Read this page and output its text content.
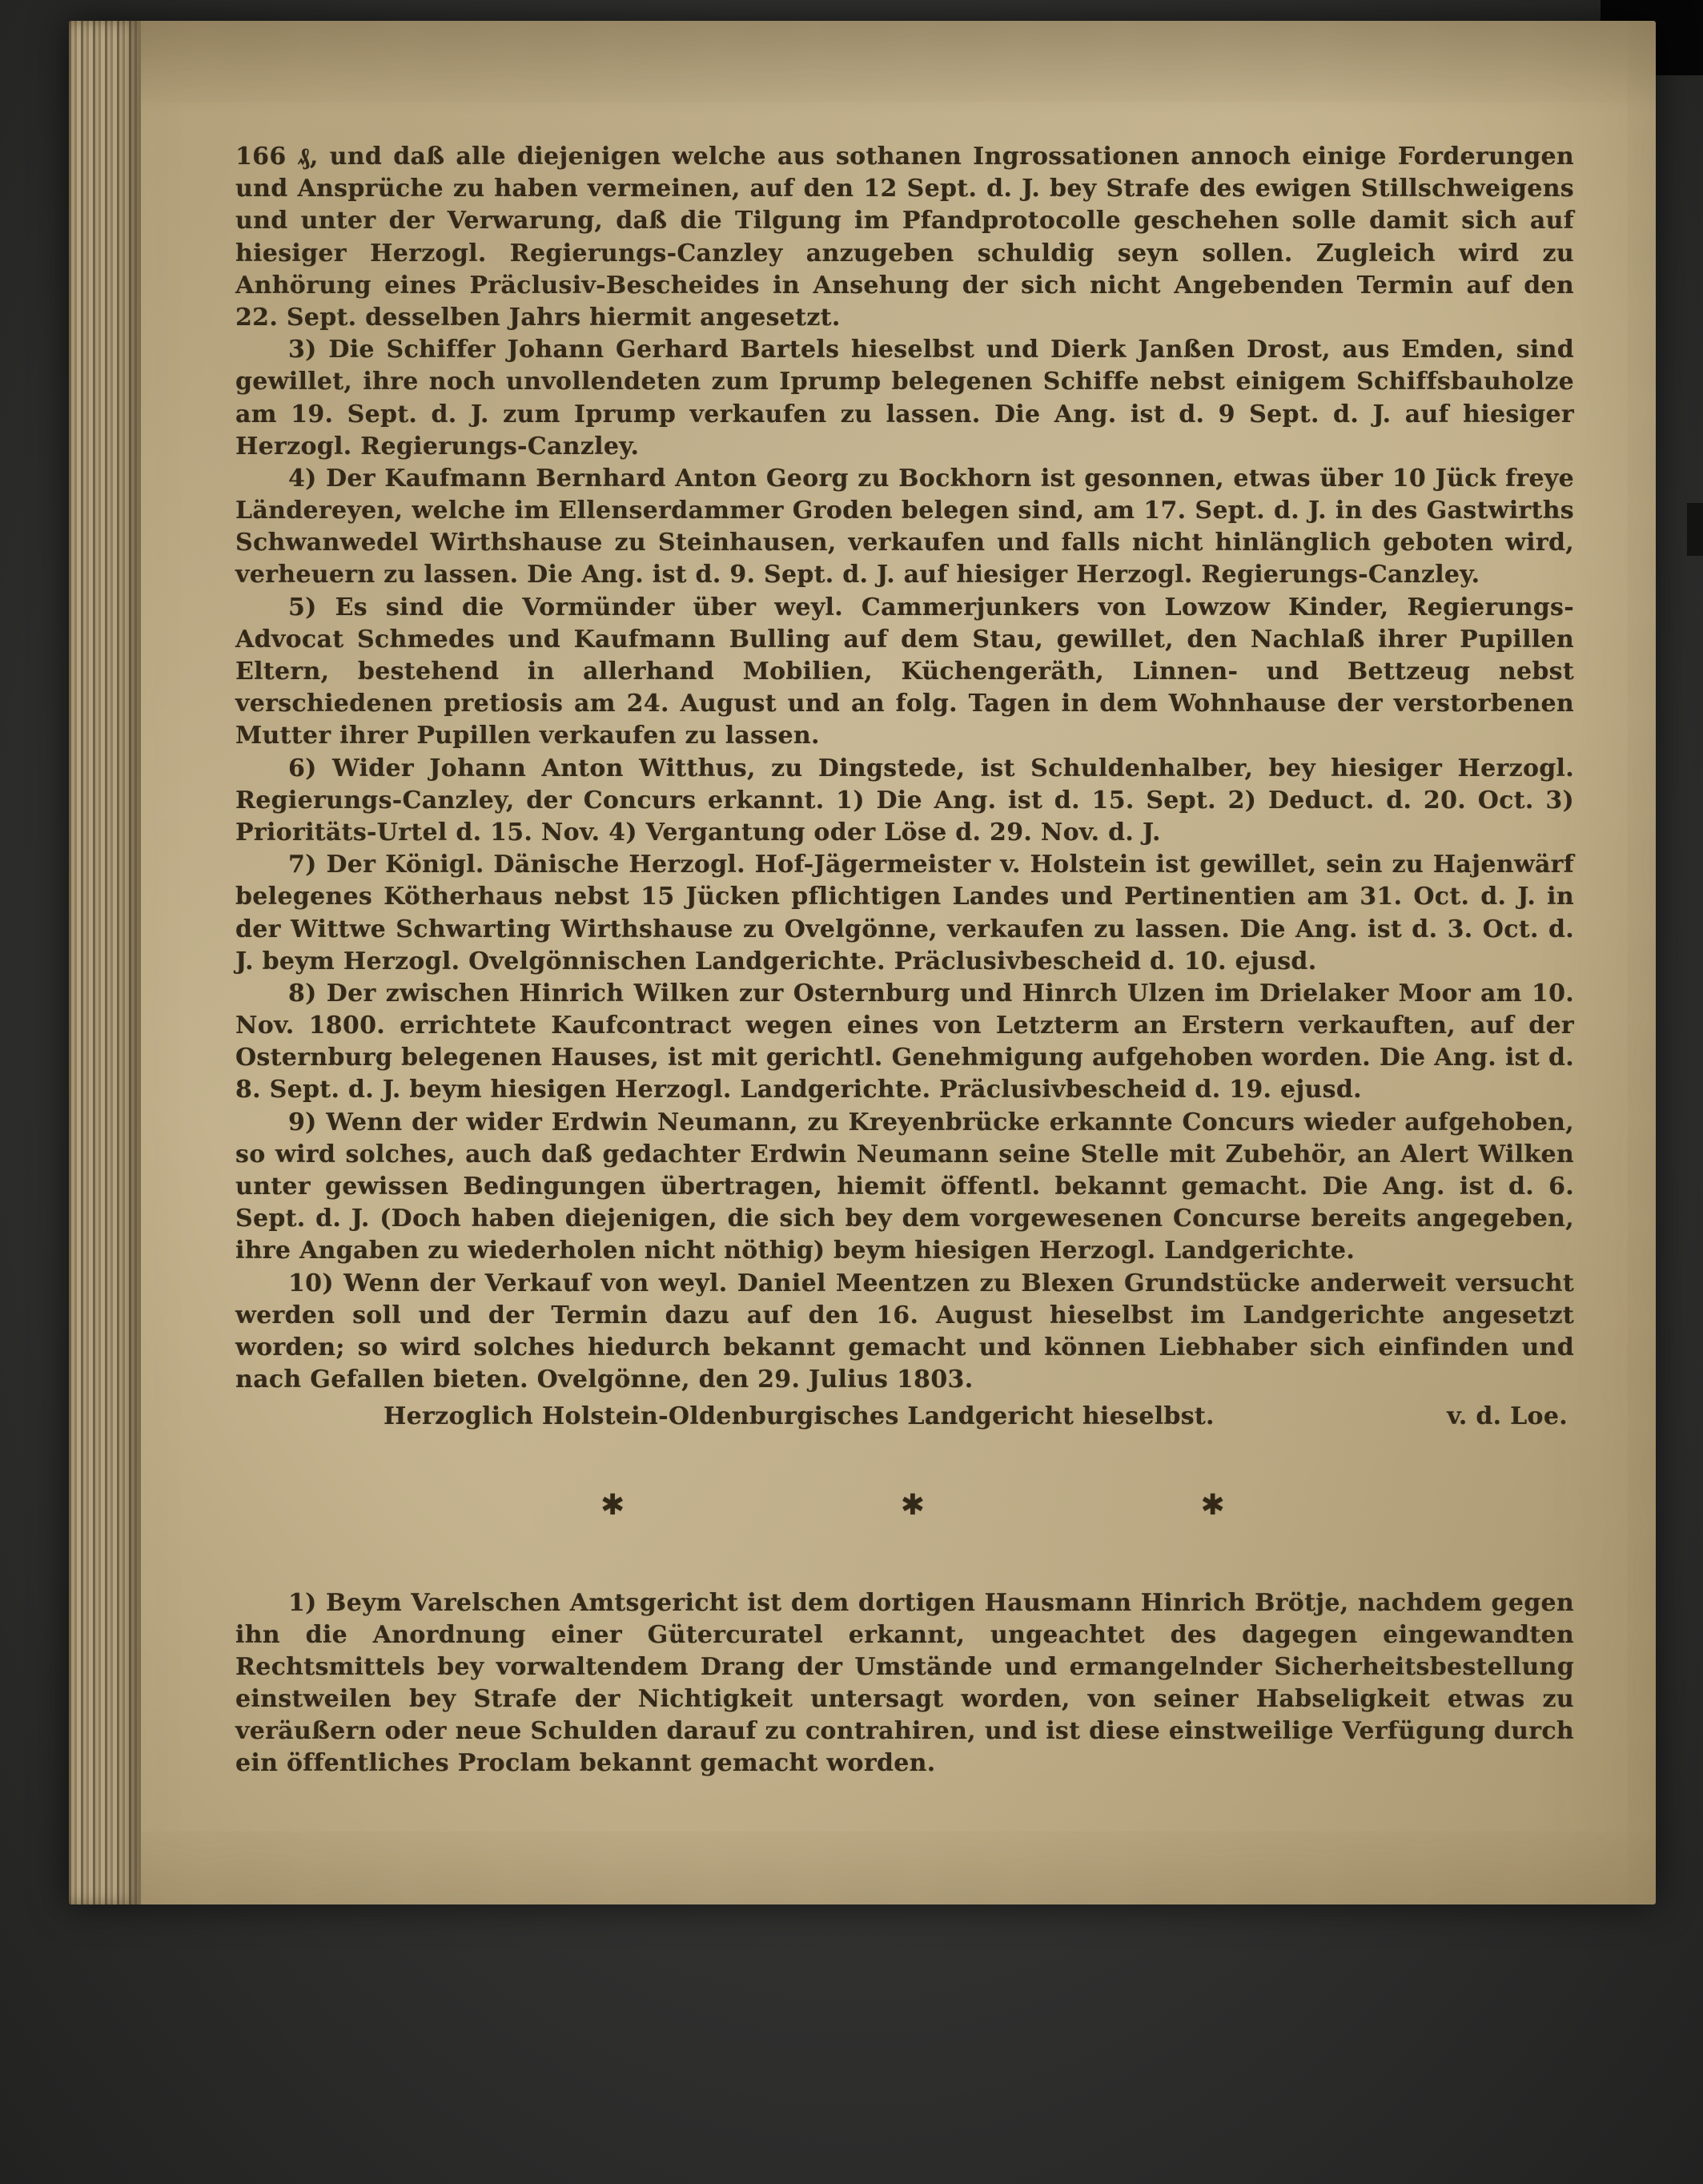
166 ₰, und daß alle diejenigen welche aus sothanen Ingrossationen annoch einige Forderungen und Ansprüche zu haben vermeinen, auf den 12 Sept. d. J. bey Strafe des ewigen Stillschweigens und unter der Verwarung, daß die Tilgung im Pfandprotocolle geschehen solle damit sich auf hiesiger Herzogl. Regierungs-Canzley anzugeben schuldig seyn sollen. Zugleich wird zu Anhörung eines Präclusiv-Bescheides in Ansehung der sich nicht Angebenden Termin auf den 22. Sept. desselben Jahrs hiermit angesetzt.

3) Die Schiffer Johann Gerhard Bartels hieselbst und Dierk Janßen Drost, aus Emden, sind gewillet, ihre noch unvollendeten zum Iprump belegenen Schiffe nebst einigem Schiffsbauholze am 19. Sept. d. J. zum Iprump verkaufen zu lassen. Die Ang. ist d. 9 Sept. d. J. auf hiesiger Herzogl. Regierungs-Canzley.

4) Der Kaufmann Bernhard Anton Georg zu Bockhorn ist gesonnen, etwas über 10 Jück freye Ländereyen, welche im Ellenserdammer Groden belegen sind, am 17. Sept. d. J. in des Gastwirths Schwanwedel Wirthshause zu Steinhausen, verkaufen und falls nicht hinlänglich geboten wird, verheuern zu lassen. Die Ang. ist d. 9. Sept. d. J. auf hiesiger Herzogl. Regierungs-Canzley.

5) Es sind die Vormünder über weyl. Cammerjunkers von Lowzow Kinder, Regierungs-Advocat Schmedes und Kaufmann Bulling auf dem Stau, gewillet, den Nachlaß ihrer Pupillen Eltern, bestehend in allerhand Mobilien, Küchengeräth, Linnen- und Bettzeug nebst verschiedenen pretiosis am 24. August und an folg. Tagen in dem Wohnhause der verstorbenen Mutter ihrer Pupillen verkaufen zu lassen.

6) Wider Johann Anton Witthus, zu Dingstede, ist Schuldenhalber, bey hiesiger Herzogl. Regierungs-Canzley, der Concurs erkannt. 1) Die Ang. ist d. 15. Sept. 2) Deduct. d. 20. Oct. 3) Prioritäts-Urtel d. 15. Nov. 4) Vergantung oder Löse d. 29. Nov. d. J.

7) Der Königl. Dänische Herzogl. Hof-Jägermeister v. Holstein ist gewillet, sein zu Hajenwärf belegenes Kötherhaus nebst 15 Jücken pflichtigen Landes und Pertinentien am 31. Oct. d. J. in der Wittwe Schwarting Wirthshause zu Ovelgönne, verkaufen zu lassen. Die Ang. ist d. 3. Oct. d. J. beym Herzogl. Ovelgönnischen Landgerichte. Präclusivbescheid d. 10. ejusd.

8) Der zwischen Hinrich Wilken zur Osternburg und Hinrch Ulzen im Drielaker Moor am 10. Nov. 1800. errichtete Kaufcontract wegen eines von Letzterm an Erstern verkauften, auf der Osternburg belegenen Hauses, ist mit gerichtl. Genehmigung aufgehoben worden. Die Ang. ist d. 8. Sept. d. J. beym hiesigen Herzogl. Landgerichte. Präclusivbescheid d. 19. ejusd.

9) Wenn der wider Erdwin Neumann, zu Kreyenbrücke erkannte Concurs wieder aufgehoben, so wird solches, auch daß gedachter Erdwin Neumann seine Stelle mit Zubehör, an Alert Wilken unter gewissen Bedingungen übertragen, hiemit öffentl. bekannt gemacht. Die Ang. ist d. 6. Sept. d. J. (Doch haben diejenigen, die sich bey dem vorgewesenen Concurse bereits angegeben, ihre Angaben zu wiederholen nicht nöthig) beym hiesigen Herzogl. Landgerichte.

10) Wenn der Verkauf von weyl. Daniel Meentzen zu Blexen Grundstücke anderweit versucht werden soll und der Termin dazu auf den 16. August hieselbst im Landgerichte angesetzt worden; so wird solches hiedurch bekannt gemacht und können Liebhaber sich einfinden und nach Gefallen bieten. Ovelgönne, den 29. Julius 1803.

Herzoglich Holstein-Oldenburgisches Landgericht hieselbst.	v. d. Loe.
✱	✱	✱

1) Beym Varelschen Amtsgericht ist dem dortigen Hausmann Hinrich Brötje, nachdem gegen ihn die Anordnung einer Gütercuratel erkannt, ungeachtet des dagegen eingewandten Rechtsmittels bey vorwaltendem Drang der Umstände und ermangelnder Sicherheitsbestellung einstweilen bey Strafe der Nichtigkeit untersagt worden, von seiner Habseligkeit etwas zu veräußern oder neue Schulden darauf zu contrahiren, und ist diese einstweilige Verfügung durch ein öffentliches Proclam bekannt gemacht worden.
